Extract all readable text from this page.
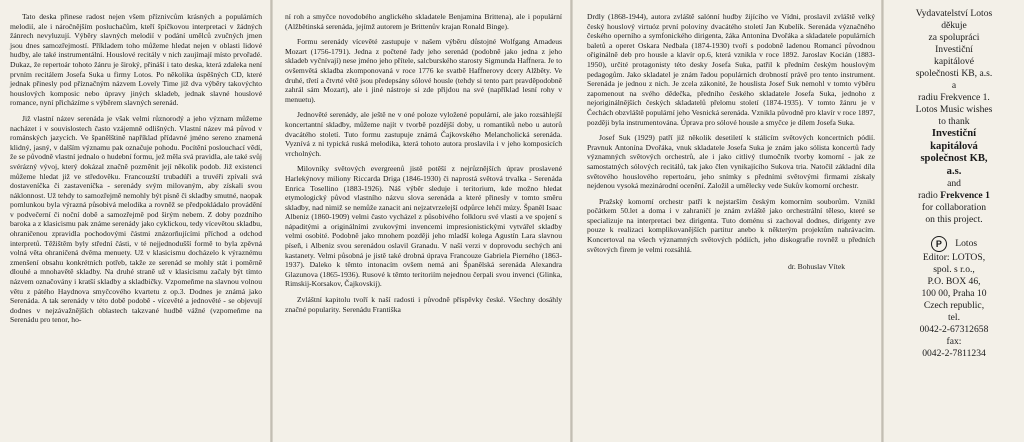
Tato deska přinese radost nejen všem příznivcům krásných a populárních melodií, ale i náročnějším posluchačům, kteří špičkovou interpretaci v žádných žánrech nevyluzují. Výběry slavných melodií v podání umělců zvučných jmen jsou dnes samozřejmostí. Příkladem toho můžeme hledat nejen v oblasti lidové hudby, ale také instrumentální. Houslové recitály v nich zaujímají místo prvořadé. Dukaz, že repertoár tohoto žánru je široký, přináší i tato deska, která zdaleka není prvním recitálem Josefa Suka u firmy Lotos. Po několika úspěšných CD, které jednak přinesly pod příznačným názvem Lovely Time již dva výběry takovýchto houslových komposic nebo úpravy jiných skladeb, jednak slavné houslové romance, nyní přicházíme s výběrem slavných serenád.

Již vlastní název serenáda je však velmi různorodý a jeho význam můžeme nacházet i v souvislostech často vzájemně odlišných. Vlastní název má původ v románských jazycích. Ve španělštině například přídavné jméno sereno znamená klidný, jasný, v dalším významu pak označuje pohodu. Pocítění poslouchací vědí, že se původně vlastní jednalo o hudební formu, jež měla svá pravidla, ale také svůj svérázný vývoj, který dokázal značně pozměnit její několik podob. Již existenci můžeme hledat již ve středověku. Francouzští trubadúři a truvéři zpívali svá dostaveníčka či zastaveníčka - serenády svým milovaným, aby získali svou náklonnost. Už tehdy to samozřejmě nemohly být písně či skladby smutné, naopak pomlunkou byla výrazná působivá melodika a rovněž se předpokládalo provádění v podvečerní či noční době a samozřejmě pod širým nebem. Z doby pozdního baroka a z klasicismu pak známe serenády jako cyklickou, tedy vícevětou skladbu, ohraničenou zpravidla pochodovými částmi znázorňujícími příchod a odchod interpretů. Těžištěm byly střední části, v té nejjednodušší formě to byla zpěvná volná věta ohraničená dvěma menuety. Už v klasicismu docházelo k výraznému zmenšení obsahu konkrétních potřeb, takže ze serenád se mohly stát i poměrně dlouhé a mnohavětě skladby. Na druhé straně už v klasicismu začaly být tímto názvem označovány i kratší skladby a skladbičky. Vzpomeňme na slavnou volnou větu z pátého Haydnova smyčcového kvartetu z op.3. Dodnes je známá jako Serenáda. A tak serenády v této době podobě - vícevěté a jednověté - se objevují dodnes v nejzávažnějších oblastech takzvané hudbě vážné (vzpomeňme na Serenádu pro tenor, ho-

ní roh a smyčce novodobého anglického skladatele Benjamina Brittena), ale i populární (Alžbětinská serenáda, jejímž autorem je Brittenův krajan Ronald Binge).

Formu serenády vícevěté zastupuje v našem výběru důstojné Wolfgang Amadeus Mozart (1756-1791). Jedna z počtené řady jeho serenád (podobně jako jedna z jeho skladeb vyčnívají) nese jméno jeho přítele, salcburského starosty Sigmunda Haffnera. Je to ovšemvětá skladba zkomponovaná v roce 1776 ke svatbě Haffnerovy dcery Alžběty. Ve druhé, třetí a čtvrté větě jsou předepsány sólové housle (tehdy si tento part pravděpodobně zahrál sám Mozart), ale i jiné nástroje si zde přijdou na své (například lesní rohy v menuetu).

Jednověté serenády, ale ještě ne v oné poloze vyložené populární, ale jako rozsáhlejší koncertantní skladby, můžeme najít v tvorbě pozdější doby, u romantiků nebo u autorů dvacátého století. Tuto formu zastupuje známá Čajkovského Melancholická serenáda. Vyznívá z ni typická ruská melodika, která tohoto autora proslavila i v jeho komposicích vrcholných.

Milovníky světových evergreenů jistě potěší z nejrůznějších úprav proslavené Harlekýnovy miliony Riccarda Driga (1846-1930) či naprostá světová trvalka - Serenáda Enrica Tosellino (1883-1926). Náš výběr sleduje i teritorium, kde možno hledat etymologický původ vlastního názvu slova serenáda a které přinesly v tomto směru skladby, nad nimiž se nemůže zanacit ani nejzatvrzelejší odpůrce lehčí múzy. Španěl Isaac Albeniz (1860-1909) velmi často vycházel z působivého folkloru své vlasti a ve spojení s nápaditými a originálními zvukovými invencemi impresionistickými vytvářel skladby velmi osobité. Podobně jako mnohem později jeho mladší kolega Agustín Lara slavnou píseň, i Albeniz svou serenádou oslavil Granadu. V naší verzi v doprovodu sechých ani kastanety. Velmi působná je jistě také drobná úprava Francouze Gabriela Pierného (1863-1937). Daleko k těmto intonacím ovšem nemá ani Španělská serenáda Alexandra Glazunova (1865-1936). Rusové k těmto teritoriím nejednou čerpali svou invenci (Glinka, Rimskij-Korsakov, Čajkovskij).

Zvláštní kapitolu tvoří k naší radosti i původně příspěvky české. Všechny dosáhly značné popularity. Serenádu Františka

Drdly (1868-1944), autora zvláště salónní hudby žijícího ve Vídni, proslavil zvláště velký český houslový virtuóz první poloviny dvacátého století Jan Kubelík. Serenáda význačného českého operního a symfonického dirigenta, žáka Antonína Dvořáka a skladatele populárních baletů a operet Oskara Nedbala (1874-1930) tvoří s podobně ladenou Romancí původnou ořiginálně deb pro housle a klavír op.6, která vznikla v roce 1892. Jaroslav Kocián (1883-1950), určité protagonisty této desky Josefa Suka, patřil k předním českým houslovým pedagogům. Jako skladatel je znám řadou populárních drobností právě pro tento instrument. Serenáda je jednou z nich. Je zcela zákonité, že houslista Josef Suk nemohl v tomto výběru zapomenout na svého dědečka, předního českého skladatele Josefa Suka, jednoho z nejoriginálnějších českých skladatelů přelomu století (1874-1935). V tomto žánru je v Čechách obzvláště populární jeho Vesnická serenáda. Vznikla původně pro klavír v roce 1897, později byla instrumentována. Úprava pro sólové housle a smyčce je dílem Josefa Suka.

Josef Suk (1929) patří již několik desetiletí k stálicím světových koncertních pódií. Pravnuk Antonína Dvořáka, vnuk skladatele Josefa Suka je znám jako sólista koncertů řady významných světových orchestrů, ale i jako citlivý tlumočník tvorby komorní - jak ze samostatných sólových recitálů, tak jako člen vynikajícího Sukova tria. Natočil základní díla světového houslového repertoáru, jeho snímky s předními světovými firmami získaly nejdenou vysoká mezinárodní ocenění. Založil a umělecky vede Sukův komorní orchestr.

Pražský komorní orchestr patří k nejstarším českým komorním souborům. Vznikl počátkem 50.let a doma i v zahraničí je znám zvláště jako orchestrální těleso, které se specializuje na interpretaci bez dirigenta. Tuto doménu si zachoval dodnes, dirigenty zve pouze k realizaci komplikovanějších partitur anebo k některým projektům nahrávacím. Koncertoval na všech významných světových pódiích, jeho diskografie rovněž u předních světových firem je velmi rozsáhlá.

dr. Bohuslav Vítek
Vydavatelství Lotos
děkuje
za spolupráci
Investiční
kapitálové
společnosti KB, a.s.
a
radiu Frekvence 1.
Lotos Music wishes
to thank
Investiční
kapitálová
společnost KB,
a.s.
and
radio Frekvence 1
for collaboration
on this project.
P Lotos
Editor: LOTOS,
spol. s r.o.,
P.O. BOX 46,
100 00, Praha 10
Czech republic,
tel.
0042-2-67312658
fax:
0042-2-7811234
